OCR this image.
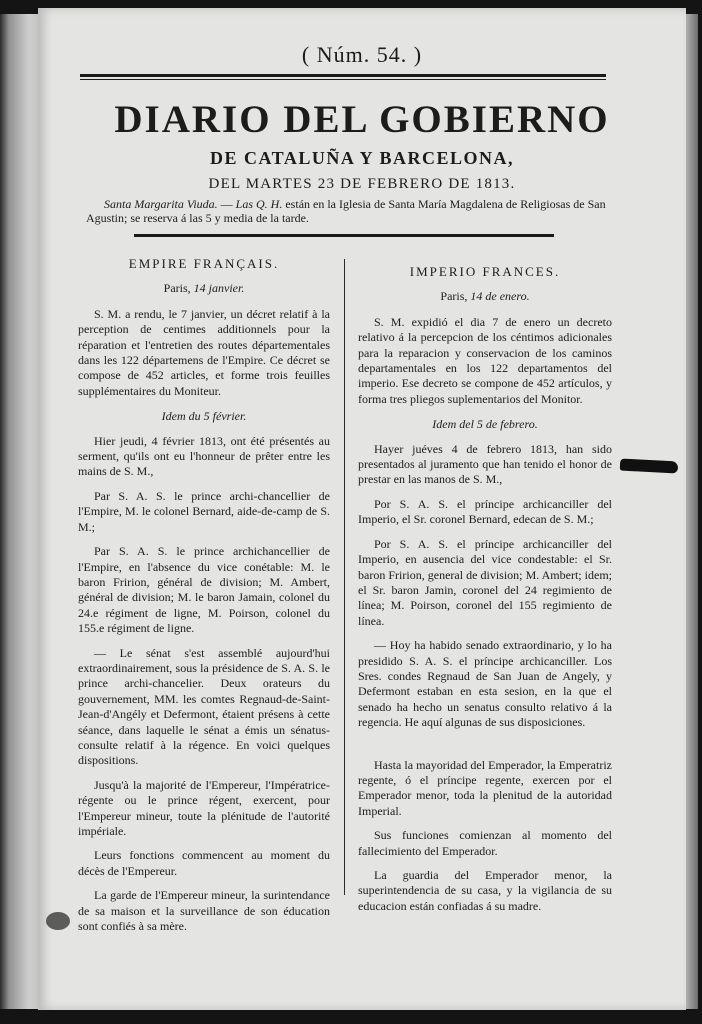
( Núm. 54. )
DIARIO DEL GOBIERNO
DE CATALUÑA Y BARCELONA,
DEL MARTES 23 DE FEBRERO DE 1813.
Santa Margarita Viuda. — Las Q. H. están en la Iglesia de Santa María Magdalena de Religiosas de San Agustin; se reserva á las 5 y media de la tarde.
EMPIRE FRANÇAIS.
Paris, 14 janvier.

S. M. a rendu, le 7 janvier, un décret relatif à la perception de centimes additionnels pour la réparation et l'entretien des routes départementales dans les 122 départemens de l'Empire. Ce décret se compose de 452 articles, et forme trois feuilles supplémentaires du Moniteur.

Idem du 5 février.

Hier jeudi, 4 février 1813, ont été présentés au serment, qu'ils ont eu l'honneur de prêter entre les mains de S. M.,

Par S. A. S. le prince archi-chancellier de l'Empire, M. le colonel Bernard, aide-de-camp de S. M.;

Par S. A. S. le prince archichancellier de l'Empire, en l'absence du vice conétable: M. le baron Fririon, général de division; M. Ambert, général de division; M. le baron Jamain, colonel du 24.e régiment de ligne, M. Poirson, colonel du 155.e régiment de ligne.

— Le sénat s'est assemblé aujourd'hui extraordinairement, sous la présidence de S. A. S. le prince archi-chancelier. Deux orateurs du gouvernement, MM. les comtes Regnaud-de-Saint-Jean-d'Angély et Defermont, étaient présens à cette séance, dans laquelle le sénat a émis un sénatus-consulte relatif à la régence. En voici quelques dispositions.

Jusqu'à la majorité de l'Empereur, l'Impératrice-régente ou le prince régent, exercent, pour l'Empereur mineur, toute la plénitude de l'autorité impériale.

Leurs fonctions commencent au moment du décès de l'Empereur.

La garde de l'Empereur mineur, la surintendance de sa maison et la surveillance de son éducation sont confiés à sa mère.

IMPERIO FRANCES.
Paris, 14 de enero.

S. M. expidió el dia 7 de enero un decreto relativo á la percepcion de los céntimos adicionales para la reparacion y conservacion de los caminos departamentales en los 122 departamentos del imperio. Ese decreto se compone de 452 artículos, y forma tres pliegos suplementarios del Monitor.

Idem del 5 de febrero.

Hayer juéves 4 de febrero 1813, han sido presentados al juramento que han tenido el honor de prestar en las manos de S. M.,

Por S. A. S. el príncipe archicanciller del Imperio, el Sr. coronel Bernard, edecan de S. M.;

Por S. A. S. el príncipe archicanciller del Imperio, en ausencia del vice condestable: el Sr. baron Fririon, general de division; M. Ambert; idem; el Sr. baron Jamin, coronel del 24 regimiento de línea; M. Poirson, coronel del 155 regimiento de línea.

— Hoy ha habido senado extraordinario, y lo ha presidido S. A. S. el príncipe archicanciller. Los Sres. condes Regnaud de San Juan de Angely, y Defermont estaban en esta sesion, en la que el senado ha hecho un senatus consulto relativo á la regencia. He aquí algunas de sus disposiciones.

Hasta la mayoridad del Emperador, la Emperatriz regente, ó el príncipe regente, exercen por el Emperador menor, toda la plenitud de la autoridad Imperial.

Sus funciones comienzan al momento del fallecimiento del Emperador.

La guardia del Emperador menor, la superintendencia de su casa, y la vigilancia de su educacion están confiadas á su madre.
